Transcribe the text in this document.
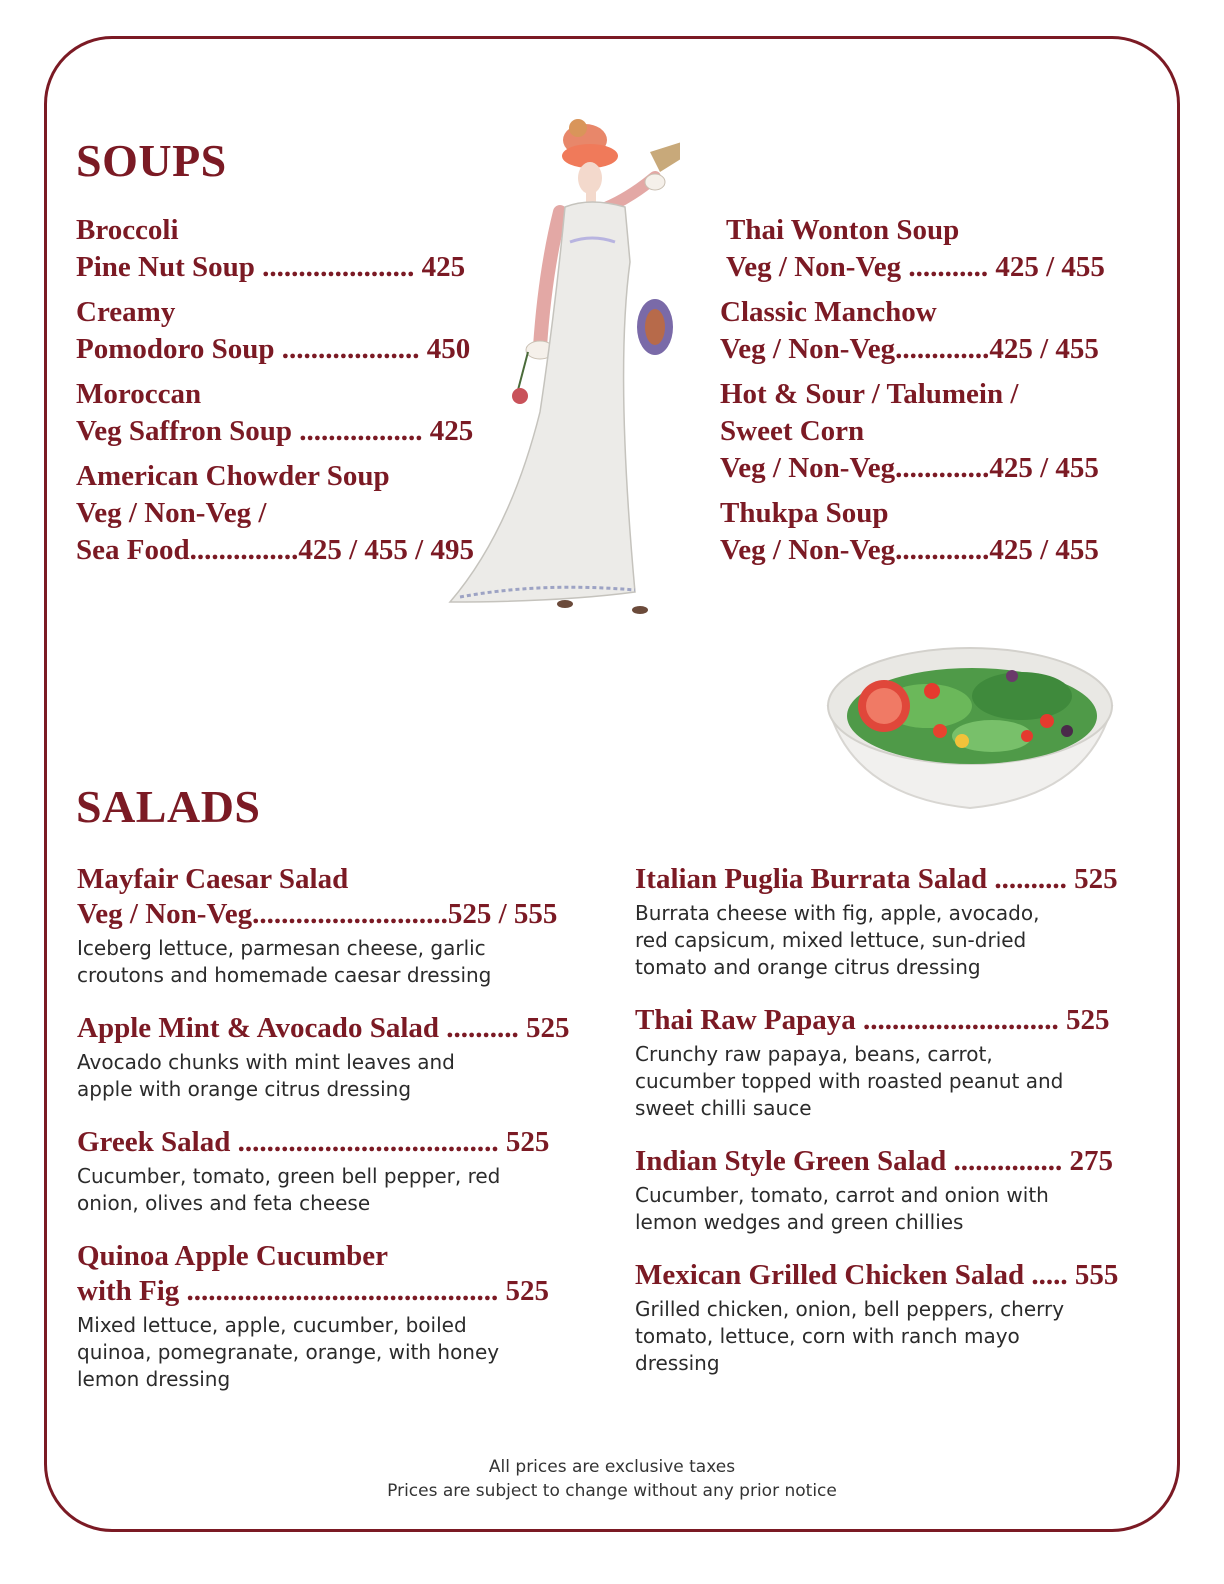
SOUPS
Broccoli
Pine Nut Soup ..................... 425
Creamy
Pomodoro Soup ................... 450
Moroccan
Veg Saffron Soup ................. 425
American Chowder Soup
Veg / Non-Veg /
Sea Food...............425 / 455 / 495
Thai Wonton Soup
Veg / Non-Veg ........... 425 / 455
Classic Manchow
Veg / Non-Veg.............425 / 455
Hot & Sour / Talumein /
Sweet Corn
Veg / Non-Veg.............425 / 455
Thukpa Soup
Veg / Non-Veg.............425 / 455
SALADS
Mayfair Caesar Salad
Veg / Non-Veg...........................525 / 555
Iceberg lettuce, parmesan cheese, garlic
croutons and homemade caesar dressing
Apple Mint & Avocado Salad .......... 525
Avocado chunks with mint leaves and
apple with orange citrus dressing
Greek Salad .................................... 525
Cucumber, tomato, green bell pepper, red
onion, olives and feta cheese
Quinoa Apple Cucumber
with Fig ........................................... 525
Mixed lettuce, apple, cucumber, boiled
quinoa, pomegranate, orange, with honey
lemon dressing
Italian Puglia Burrata Salad .......... 525
Burrata cheese with fig, apple, avocado,
red capsicum, mixed lettuce, sun-dried
tomato and orange citrus dressing
Thai Raw Papaya ........................... 525
Crunchy raw papaya, beans, carrot,
cucumber topped with roasted peanut and
sweet chilli sauce
Indian Style Green Salad ............... 275
Cucumber, tomato, carrot and onion with
lemon wedges and green chillies
Mexican Grilled Chicken Salad ..... 555
Grilled chicken, onion, bell peppers, cherry
tomato, lettuce, corn with ranch mayo
dressing
All prices are exclusive taxes
Prices are subject to change without any prior notice
